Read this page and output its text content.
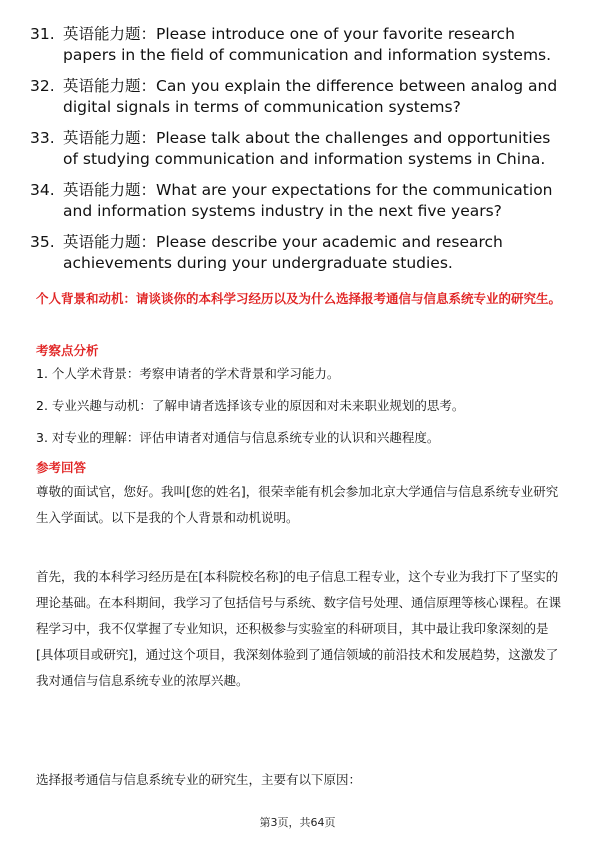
31. 英语能力题：Please introduce one of your favorite research papers in the field of communication and information systems.
32. 英语能力题：Can you explain the difference between analog and digital signals in terms of communication systems?
33. 英语能力题：Please talk about the challenges and opportunities of studying communication and information systems in China.
34. 英语能力题：What are your expectations for the communication and information systems industry in the next five years?
35. 英语能力题：Please describe your academic and research achievements during your undergraduate studies.
个人背景和动机：请谈谈你的本科学习经历以及为什么选择报考通信与信息系统专业的研究生。
考察点分析
1. 个人学术背景：考察申请者的学术背景和学习能力。
2. 专业兴趣与动机：了解申请者选择该专业的原因和对未来职业规划的思考。
3. 对专业的理解：评估申请者对通信与信息系统专业的认识和兴趣程度。
参考回答
尊敬的面试官，您好。我叫[您的姓名]，很荣幸能有机会参加北京大学通信与信息系统专业研究生入学面试。以下是我的个人背景和动机说明。
首先，我的本科学习经历是在[本科院校名称]的电子信息工程专业，这个专业为我打下了坚实的理论基础。在本科期间，我学习了包括信号与系统、数字信号处理、通信原理等核心课程。在课程学习中，我不仅掌握了专业知识，还积极参与实验室的科研项目，其中最让我印象深刻的是[具体项目或研究]，通过这个项目，我深刻体验到了通信领域的前沿技术和发展趋势，这激发了我对通信与信息系统专业的浓厚兴趣。
选择报考通信与信息系统专业的研究生，主要有以下原因：
第3页，共64页
